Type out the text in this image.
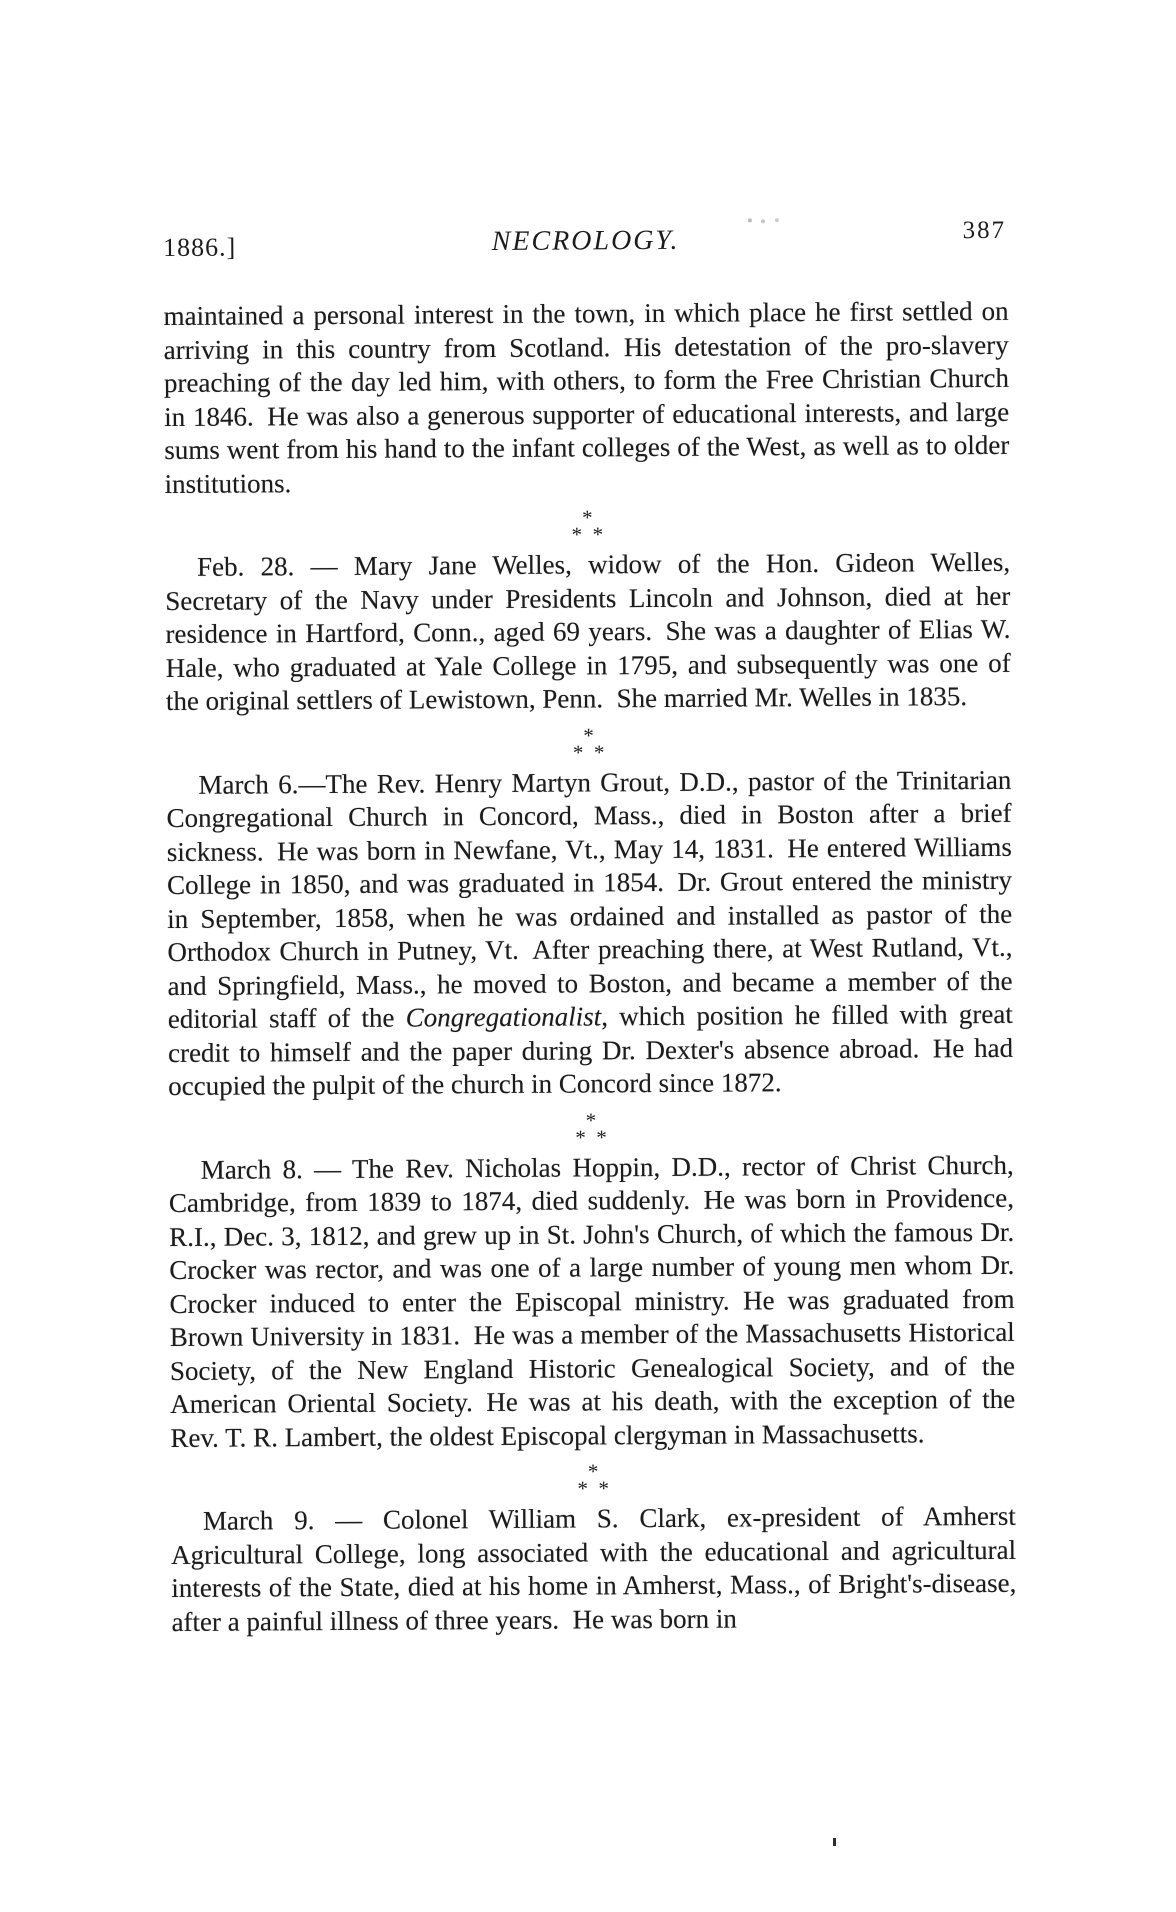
1886.]	NECROLOGY.	387

maintained a personal interest in the town, in which place he first settled on arriving in this country from Scotland. His detestation of the pro-slavery preaching of the day led him, with others, to form the Free Christian Church in 1846. He was also a generous supporter of educational interests, and large sums went from his hand to the infant colleges of the West, as well as to older institutions.

*
* *

Feb. 28. — Mary Jane Welles, widow of the Hon. Gideon Welles, Secretary of the Navy under Presidents Lincoln and Johnson, died at her residence in Hartford, Conn., aged 69 years. She was a daughter of Elias W. Hale, who graduated at Yale College in 1795, and subsequently was one of the original settlers of Lewistown, Penn. She married Mr. Welles in 1835.

*
* *

March 6.—The Rev. Henry Martyn Grout, D.D., pastor of the Trinitarian Congregational Church in Concord, Mass., died in Boston after a brief sickness. He was born in Newfane, Vt., May 14, 1831. He entered Williams College in 1850, and was graduated in 1854. Dr. Grout entered the ministry in September, 1858, when he was ordained and installed as pastor of the Orthodox Church in Putney, Vt. After preaching there, at West Rutland, Vt., and Springfield, Mass., he moved to Boston, and became a member of the editorial staff of the Congregationalist, which position he filled with great credit to himself and the paper during Dr. Dexter's absence abroad. He had occupied the pulpit of the church in Concord since 1872.

*
* *

March 8. — The Rev. Nicholas Hoppin, D.D., rector of Christ Church, Cambridge, from 1839 to 1874, died suddenly. He was born in Providence, R.I., Dec. 3, 1812, and grew up in St. John's Church, of which the famous Dr. Crocker was rector, and was one of a large number of young men whom Dr. Crocker induced to enter the Episcopal ministry. He was graduated from Brown University in 1831. He was a member of the Massachusetts Historical Society, of the New England Historic Genealogical Society, and of the American Oriental Society. He was at his death, with the exception of the Rev. T. R. Lambert, the oldest Episcopal clergyman in Massachusetts.

*
* *

March 9. — Colonel William S. Clark, ex-president of Amherst Agricultural College, long associated with the educational and agricultural interests of the State, died at his home in Amherst, Mass., of Bright's-disease, after a painful illness of three years. He was born in
